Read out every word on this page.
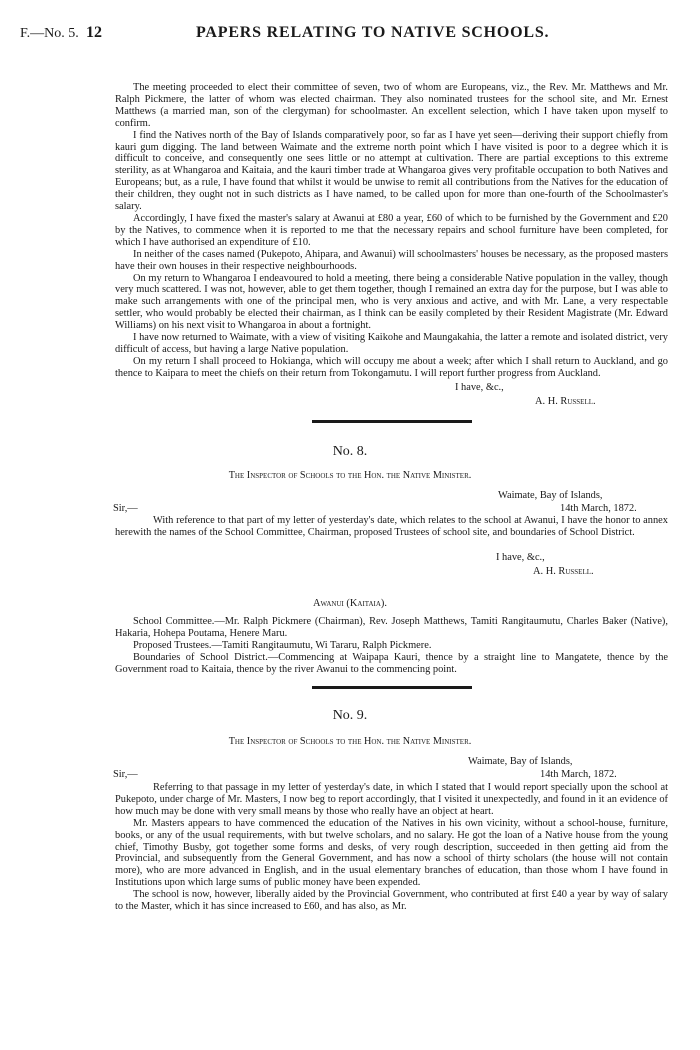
F.—No. 5. 12	PAPERS RELATING TO NATIVE SCHOOLS.

The meeting proceeded to elect their committee of seven, two of whom are Europeans, viz., the Rev. Mr. Matthews and Mr. Ralph Pickmere, the latter of whom was elected chairman. They also nominated trustees for the school site, and Mr. Ernest Matthews (a married man, son of the clergyman) for schoolmaster. An excellent selection, which I have taken upon myself to confirm.

I find the Natives north of the Bay of Islands comparatively poor, so far as I have yet seen—deriving their support chiefly from kauri gum digging. The land between Waimate and the extreme north point which I have visited is poor to a degree which it is difficult to conceive, and consequently one sees little or no attempt at cultivation. There are partial exceptions to this extreme sterility, as at Whangaroa and Kaitaia, and the kauri timber trade at Whangaroa gives very profitable occupation to both Natives and Europeans; but, as a rule, I have found that whilst it would be unwise to remit all contributions from the Natives for the education of their children, they ought not in such districts as I have named, to be called upon for more than one-fourth of the Schoolmaster's salary.

Accordingly, I have fixed the master's salary at Awanui at £80 a year, £60 of which to be furnished by the Government and £20 by the Natives, to commence when it is reported to me that the necessary repairs and school furniture have been completed, for which I have authorised an expenditure of £10.

In neither of the cases named (Pukepoto, Ahipara, and Awanui) will schoolmasters' houses be necessary, as the proposed masters have their own houses in their respective neighbourhoods.

On my return to Whangaroa I endeavoured to hold a meeting, there being a considerable Native population in the valley, though very much scattered. I was not, however, able to get them together, though I remained an extra day for the purpose, but I was able to make such arrangements with one of the principal men, who is very anxious and active, and with Mr. Lane, a very respectable settler, who would probably be elected their chairman, as I think can be easily completed by their Resident Magistrate (Mr. Edward Williams) on his next visit to Whangaroa in about a fortnight.

I have now returned to Waimate, with a view of visiting Kaikohe and Maungakahia, the latter a remote and isolated district, very difficult of access, but having a large Native population.

On my return I shall proceed to Hokianga, which will occupy me about a week; after which I shall return to Auckland, and go thence to Kaipara to meet the chiefs on their return from Tokongamutu. I will report further progress from Auckland.

I have, &c.,
A. H. Russell.
No. 8.
The Inspector of Schools to the Hon. the Native Minister.
Waimate, Bay of Islands,
Sir,—	14th March, 1872.

With reference to that part of my letter of yesterday's date, which relates to the school at Awanui, I have the honor to annex herewith the names of the School Committee, Chairman, proposed Trustees of school site, and boundaries of School District.

I have, &c.,
A. H. Russell.
Awanui (Kaitaia).

School Committee.—Mr. Ralph Pickmere (Chairman), Rev. Joseph Matthews, Tamiti Rangitaumutu, Charles Baker (Native), Hakaria, Hohepa Poutama, Henere Maru.

Proposed Trustees.—Tamiti Rangitaumutu, Wi Tararu, Ralph Pickmere.

Boundaries of School District.—Commencing at Waipapa Kauri, thence by a straight line to Mangatete, thence by the Government road to Kaitaia, thence by the river Awanui to the commencing point.

No. 9.
The Inspector of Schools to the Hon. the Native Minister.
Waimate, Bay of Islands,
Sir,—	14th March, 1872.

Referring to that passage in my letter of yesterday's date, in which I stated that I would report specially upon the school at Pukepoto, under charge of Mr. Masters, I now beg to report accordingly, that I visited it unexpectedly, and found in it an evidence of how much may be done with very small means by those who really have an object at heart.

Mr. Masters appears to have commenced the education of the Natives in his own vicinity, without a school-house, furniture, books, or any of the usual requirements, with but twelve scholars, and no salary. He got the loan of a Native house from the young chief, Timothy Busby, got together some forms and desks, of very rough description, succeeded in then getting aid from the Provincial, and subsequently from the General Government, and has now a school of thirty scholars (the house will not contain more), who are more advanced in English, and in the usual elementary branches of education, than those whom I have found in Institutions upon which large sums of public money have been expended.

The school is now, however, liberally aided by the Provincial Government, who contributed at first £40 a year by way of salary to the Master, which it has since increased to £60, and has also, as Mr.
